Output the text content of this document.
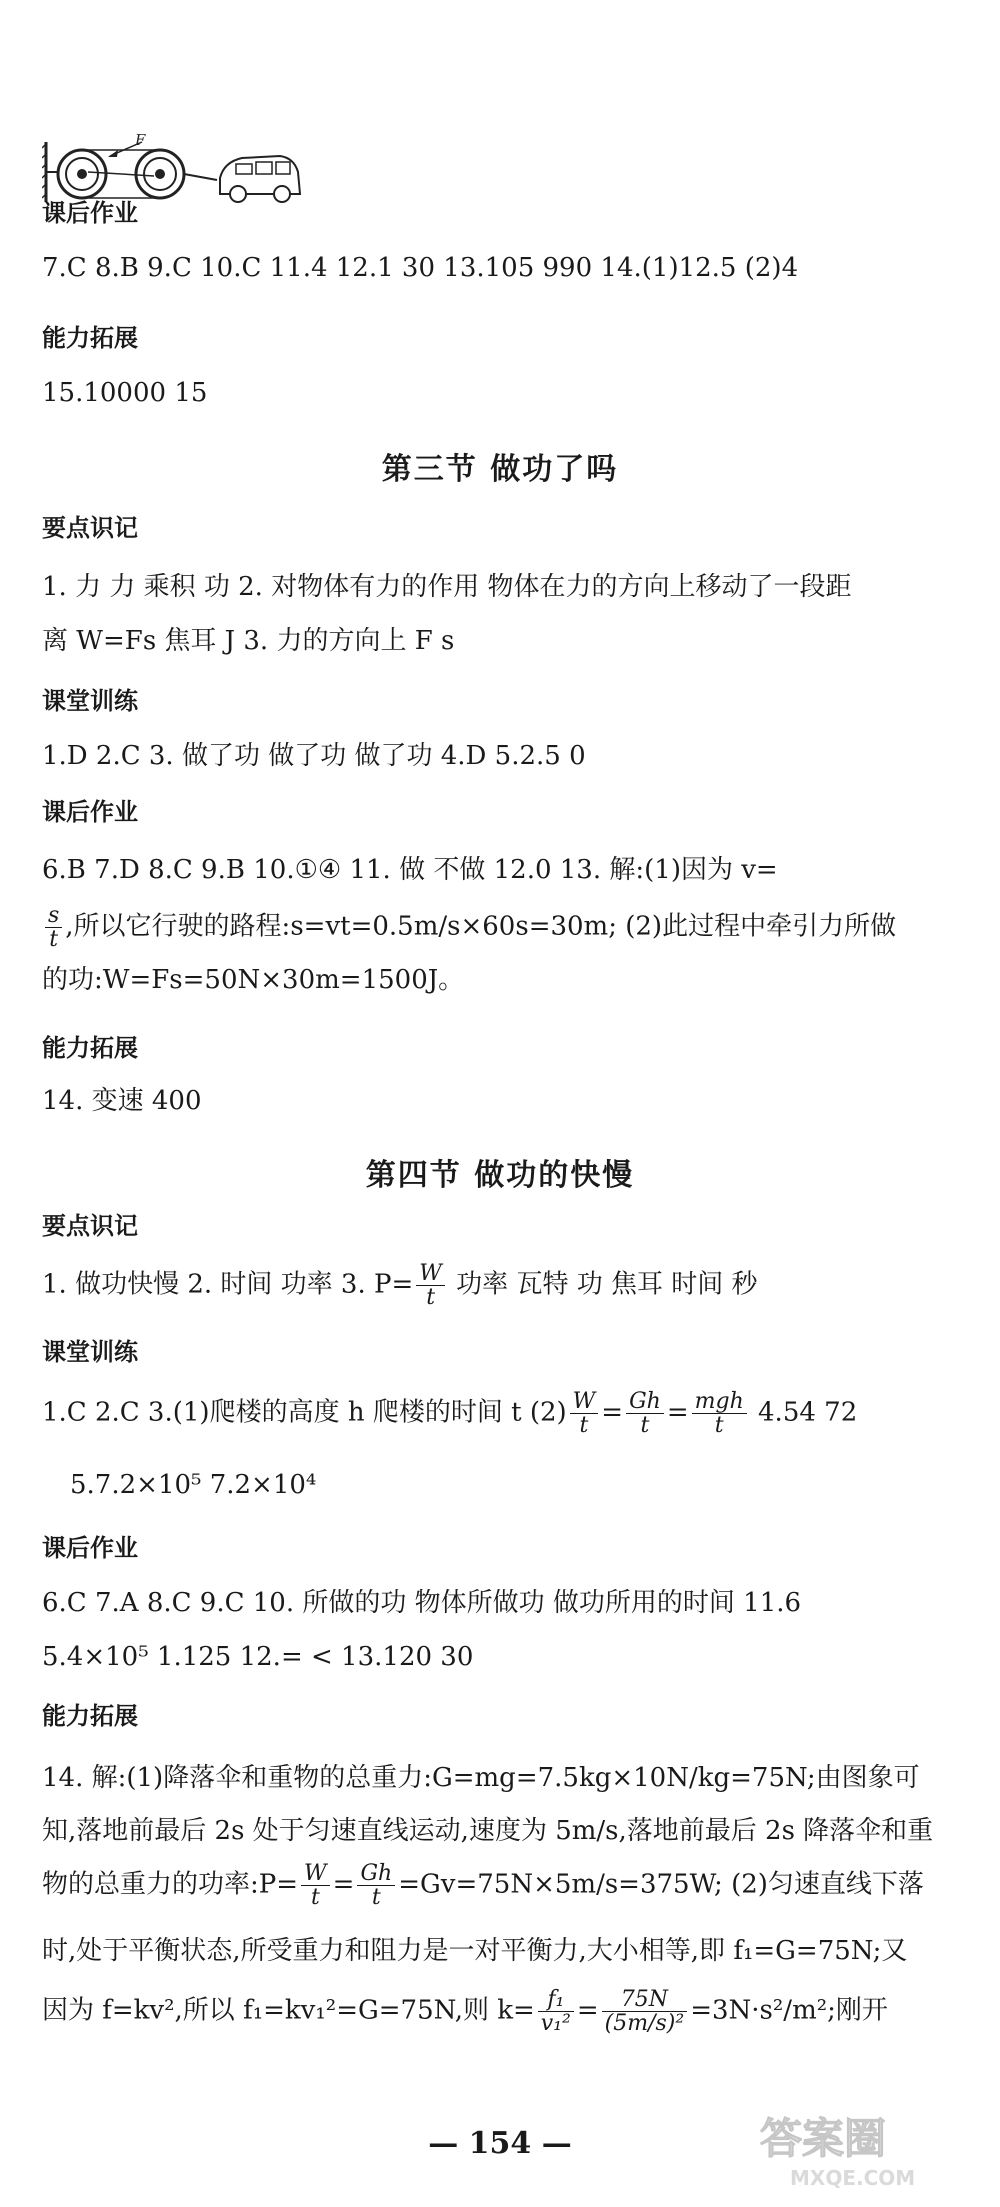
F
课后作业
7.C 8.B 9.C 10.C 11.4 12.1 30 13.105 990 14.(1)12.5 (2)4
能力拓展
15.10000 15
第三节 做功了吗
要点识记
1. 力 力 乘积 功 2. 对物体有力的作用 物体在力的方向上移动了一段距
离 W=Fs 焦耳 J 3. 力的方向上 F s
课堂训练
1.D 2.C 3. 做了功 做了功 做了功 4.D 5.2.5 0
课后作业
6.B 7.D 8.C 9.B 10.①④ 11. 做 不做 12.0 13. 解:(1)因为 v=
$\frac{s}{t}$ ,所以它行驶的路程:s=vt=0.5m/s×60s=30m; (2)此过程中牵引力所做
的功:W=Fs=50N×30m=1500J。
能力拓展
14. 变速 400
第四节 做功的快慢
要点识记
1. 做功快慢 2. 时间 功率 3. $P= \frac{W}{t}$ 功率 瓦特 功 焦耳 时间 秒
课堂训练
1.C 2.C 3.(1)爬楼的高度 h 爬楼的时间 t $(2) \frac{W}{t} = \frac{Gh}{t} = \frac{\text{mgh}}{t} 4.54$ 72
5.7.2×10⁵ 7.2×10⁴
课后作业
6.C 7.A 8.C 9.C 10. 所做的功 物体所做功 做功所用的时间 11.6
5.4×10⁵ 1.125 12.= < 13.120 30
能力拓展
14. 解:(1)降落伞和重物的总重力:G=mg=7.5kg×10N/kg=75N;由图象可
知,落地前最后 2s 处于匀速直线运动,速度为 5m/s,落地前最后 2s 降落伞和重
物的总重力的功率:P= $\frac{W}{t} = \frac{Gh}{t} =Gv=75N\times 5m/s=375W$; (2)匀速直线下落
时,处于平衡状态,所受重力和阻力是一对平衡力,大小相等,即 f₁=G=75N;又
因为 f=kv²,所以 f₁=kv₁²=G=75N,则 $k= \frac{\text{f₁}}{\text{v₁²}} = \frac{75N}{\text{(5m/s)²}} =3N\cdot s^2/m^2$;刚开
— 154 —	答案圈
MXQE.COM
